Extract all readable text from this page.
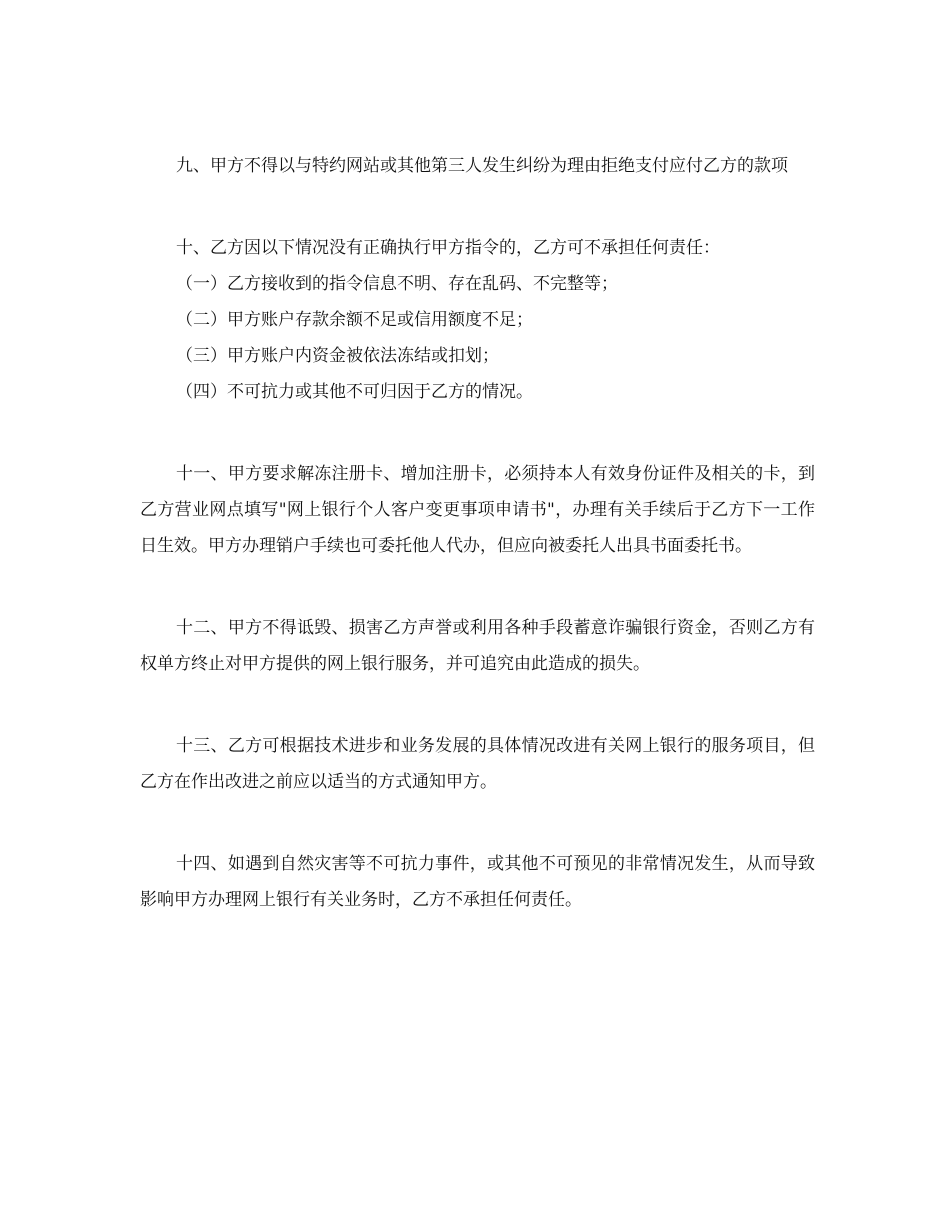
九、甲方不得以与特约网站或其他第三人发生纠纷为理由拒绝支付应付乙方的款项

十、乙方因以下情况没有正确执行甲方指令的，乙方可不承担任何责任：

（一）乙方接收到的指令信息不明、存在乱码、不完整等；

（二）甲方账户存款余额不足或信用额度不足；

（三）甲方账户内资金被依法冻结或扣划；

（四）不可抗力或其他不可归因于乙方的情况。

十一、甲方要求解冻注册卡、增加注册卡，必须持本人有效身份证件及相关的卡，到乙方营业网点填写"网上银行个人客户变更事项申请书"，办理有关手续后于乙方下一工作日生效。甲方办理销户手续也可委托他人代办，但应向被委托人出具书面委托书。

十二、甲方不得诋毁、损害乙方声誉或利用各种手段蓄意诈骗银行资金，否则乙方有权单方终止对甲方提供的网上银行服务，并可追究由此造成的损失。

十三、乙方可根据技术进步和业务发展的具体情况改进有关网上银行的服务项目，但乙方在作出改进之前应以适当的方式通知甲方。

十四、如遇到自然灾害等不可抗力事件，或其他不可预见的非常情况发生，从而导致影响甲方办理网上银行有关业务时，乙方不承担任何责任。
